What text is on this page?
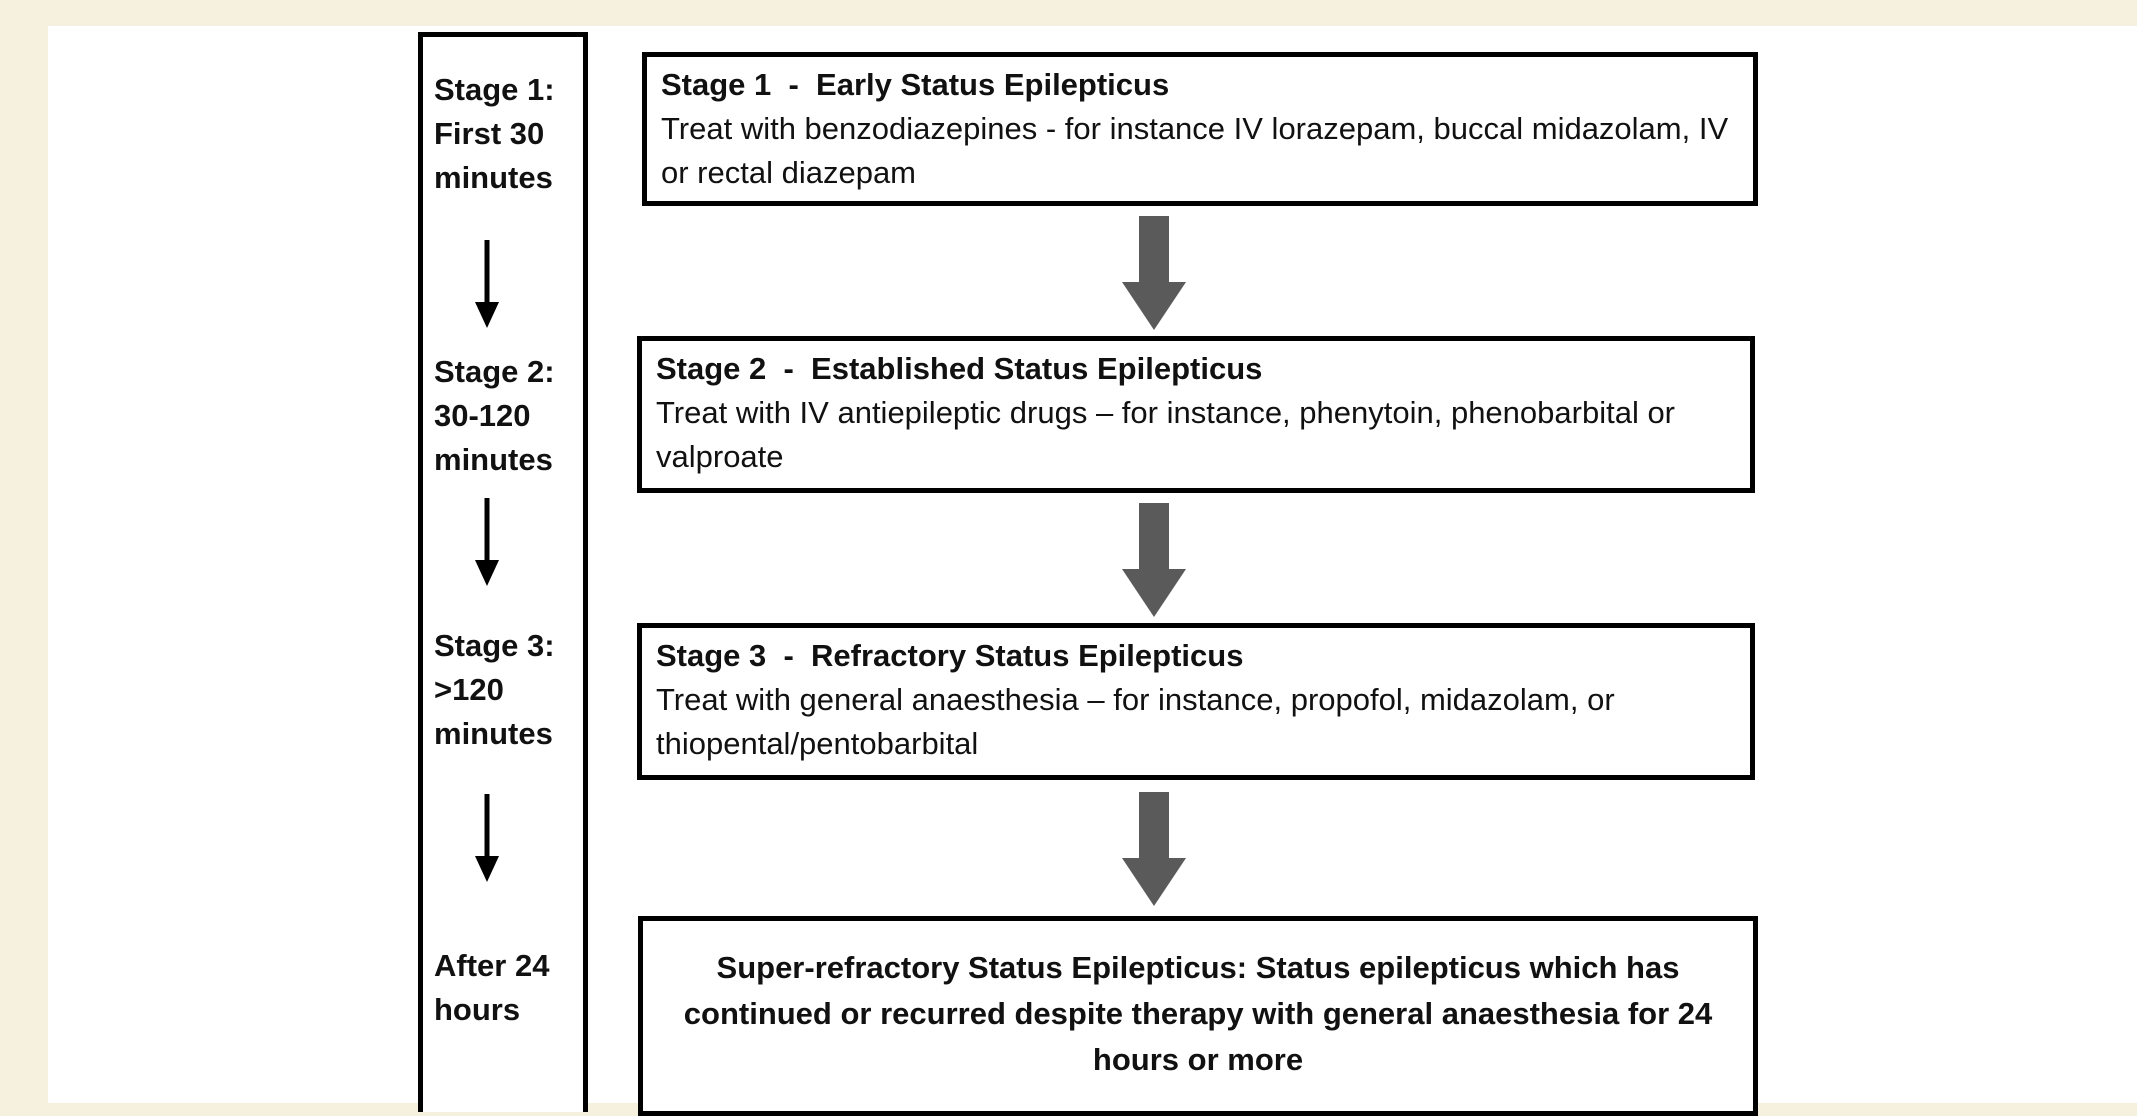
Stage 1:
First 30
minutes
Stage 2:
30-120
minutes
Stage 3:
>120
minutes
After 24
hours
Stage 1  -  Early Status Epilepticus
Treat with benzodiazepines - for instance IV lorazepam, buccal midazolam, IV or rectal diazepam
Stage 2  -  Established Status Epilepticus
Treat with IV antiepileptic drugs – for instance, phenytoin, phenobarbital or valproate
Stage 3  -  Refractory Status Epilepticus
Treat with general anaesthesia – for instance, propofol, midazolam, or thiopental/pentobarbital
Super-refractory Status Epilepticus: Status epilepticus which has continued or recurred despite therapy with general anaesthesia for 24 hours or more
